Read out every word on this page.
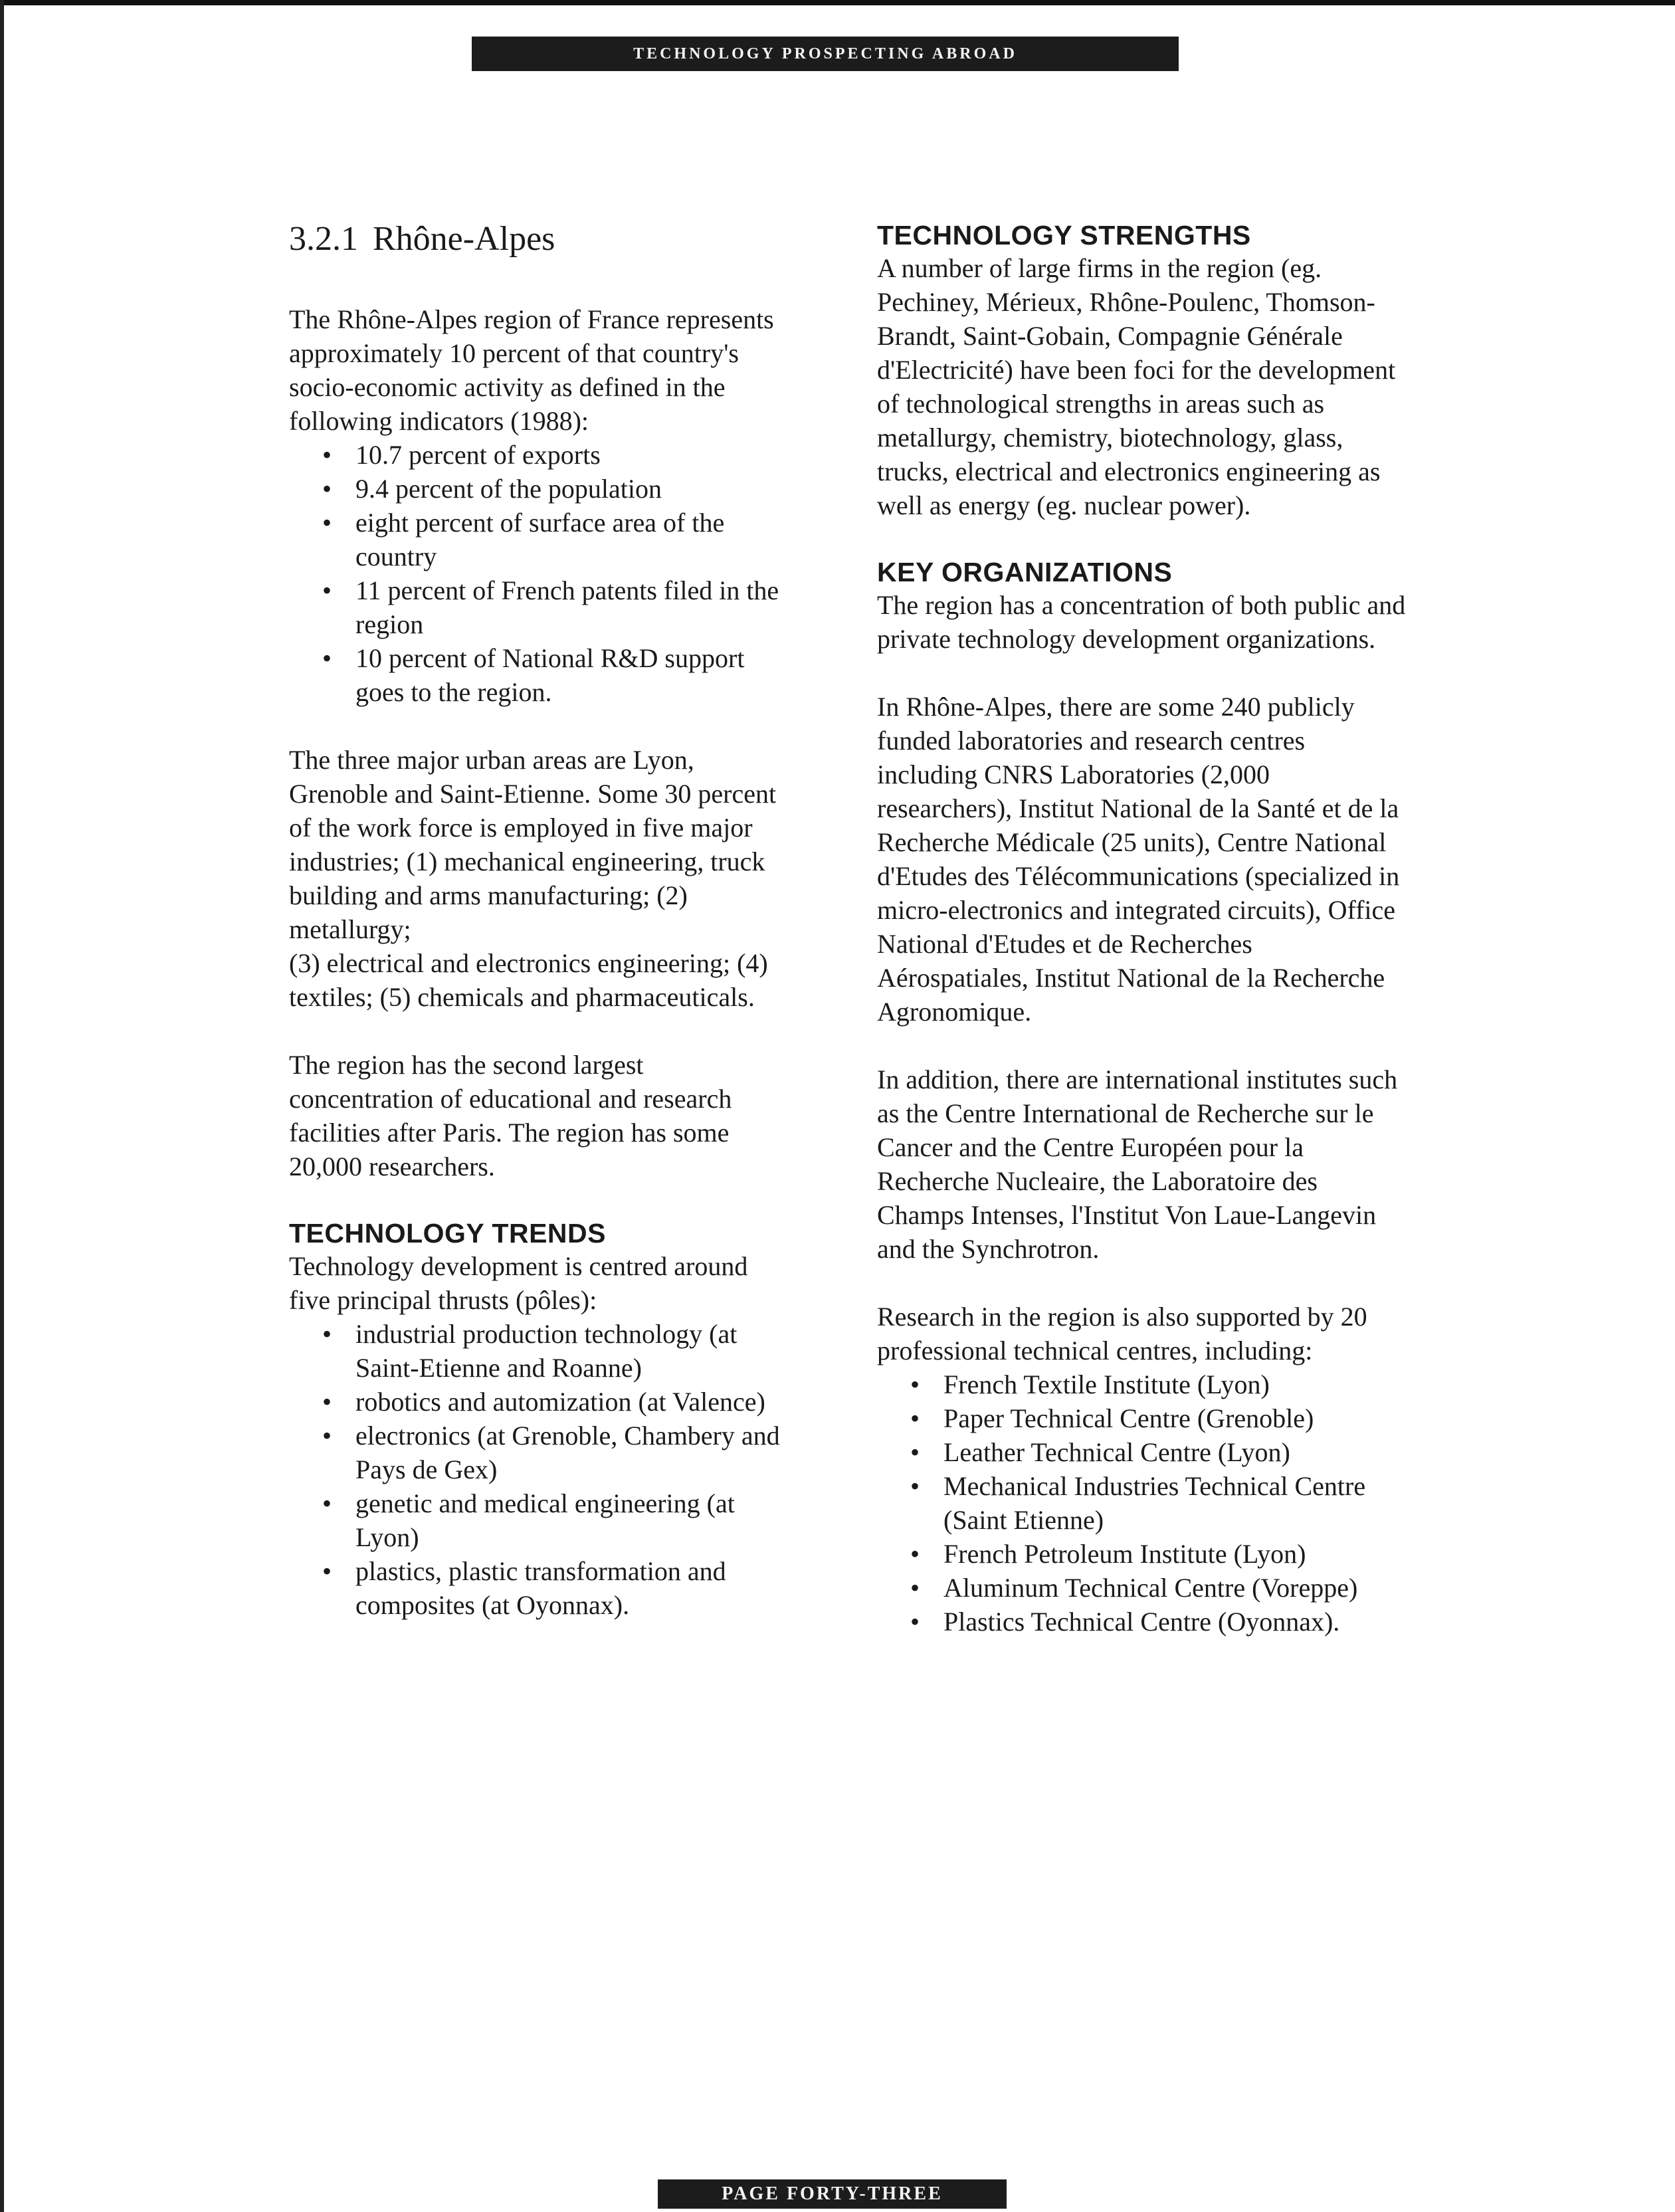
TECHNOLOGY PROSPECTING ABROAD
3.2.1 Rhône-Alpes

The Rhône-Alpes region of France represents approximately 10 percent of that country's socio-economic activity as defined in the following indicators (1988):

• 10.7 percent of exports
• 9.4 percent of the population
• eight percent of surface area of the country
• 11 percent of French patents filed in the region
• 10 percent of National R&D support goes to the region.

The three major urban areas are Lyon, Grenoble and Saint-Etienne. Some 30 percent of the work force is employed in five major industries; (1) mechanical engineering, truck building and arms manufacturing; (2) metallurgy;

(3) electrical and electronics engineering; (4) textiles; (5) chemicals and pharmaceuticals.

The region has the second largest concentration of educational and research facilities after Paris. The region has some 20,000 researchers.

TECHNOLOGY TRENDS

Technology development is centred around five principal thrusts (pôles):

• industrial production technology (at Saint-Etienne and Roanne)
• robotics and automization (at Valence)
• electronics (at Grenoble, Chambery and Pays de Gex)
• genetic and medical engineering (at Lyon)
• plastics, plastic transformation and composites (at Oyonnax).
TECHNOLOGY STRENGTHS

A number of large firms in the region (eg. Pechiney, Mérieux, Rhône-Poulenc, Thomson-Brandt, Saint-Gobain, Compagnie Générale d'Electricité) have been foci for the development of technological strengths in areas such as metallurgy, chemistry, biotechnology, glass, trucks, electrical and electronics engineering as well as energy (eg. nuclear power).

KEY ORGANIZATIONS

The region has a concentration of both public and private technology development organizations.

In Rhône-Alpes, there are some 240 publicly funded laboratories and research centres including CNRS Laboratories (2,000 researchers), Institut National de la Santé et de la Recherche Médicale (25 units), Centre National d'Etudes des Télécommunications (specialized in micro-electronics and integrated circuits), Office National d'Etudes et de Recherches Aérospatiales, Institut National de la Recherche Agronomique.

In addition, there are international institutes such as the Centre International de Recherche sur le Cancer and the Centre Européen pour la Recherche Nucleaire, the Laboratoire des Champs Intenses, l'Institut Von Laue-Langevin and the Synchrotron.

Research in the region is also supported by 20 professional technical centres, including:

• French Textile Institute (Lyon)
• Paper Technical Centre (Grenoble)
• Leather Technical Centre (Lyon)
• Mechanical Industries Technical Centre (Saint Etienne)
• French Petroleum Institute (Lyon)
• Aluminum Technical Centre (Voreppe)
• Plastics Technical Centre (Oyonnax).
PAGE FORTY-THREE
